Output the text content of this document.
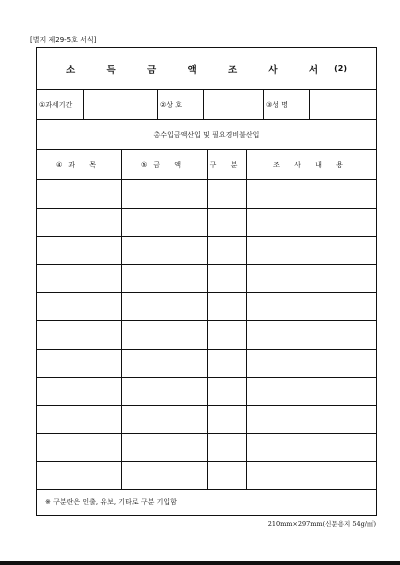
[별지 제29-5호 서식]
소 득 금 액 조 사 서 (2)
①과세기간	②상 호	③성 명
총수입금액산입 및 필요경비불산입
④과 목	⑤금 액	구 분	조 사 내 용
※ 구분란은 인출, 유보, 기타로 구분 기입함
210mm×297mm(신문용지 54g/㎡)
